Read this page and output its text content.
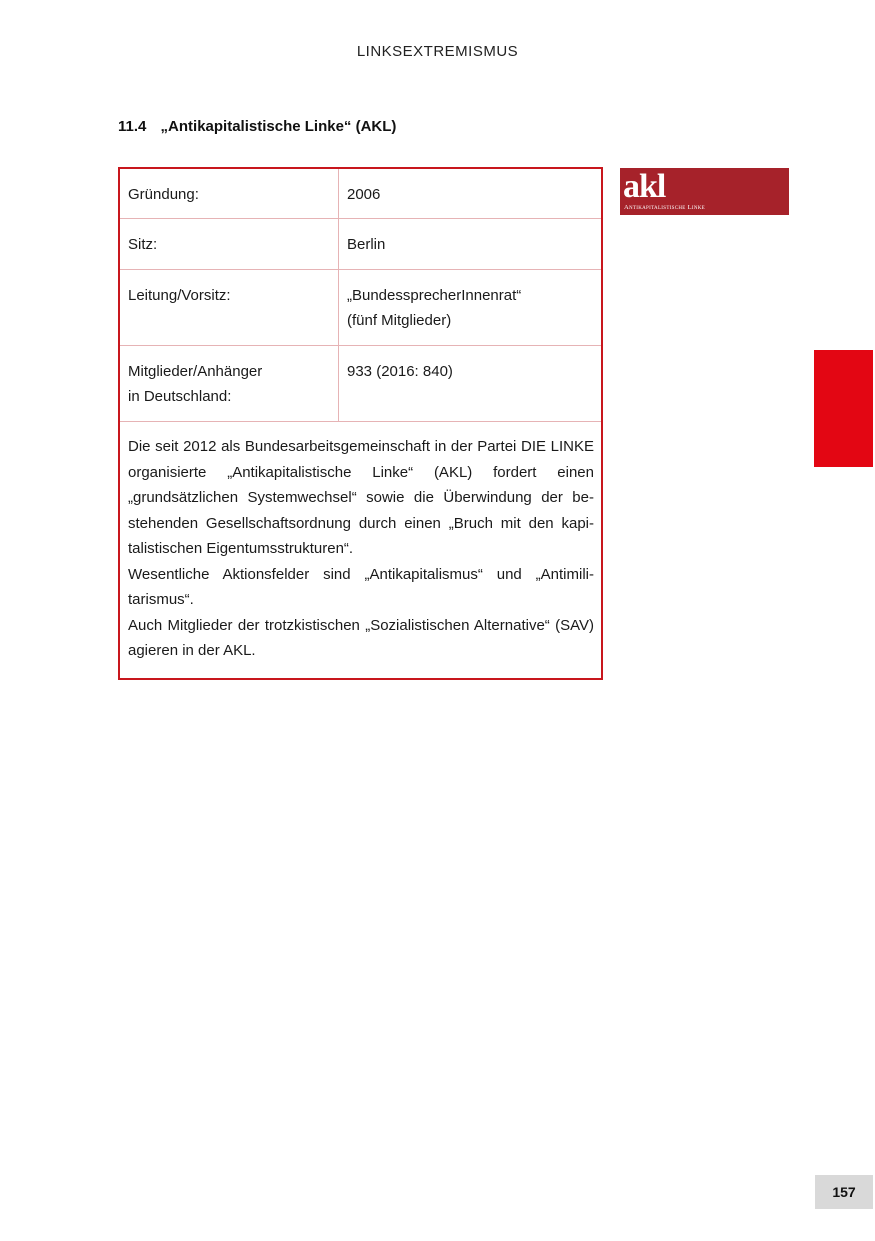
LINKSEXTREMISMUS
11.4 „Antikapitalistische Linke“ (AKL)
Gründung:	2006
Sitz:	Berlin
Leitung/Vorsitz:	„BundessprecherInnenrat“
(fünf Mitglieder)
Mitglieder/Anhänger
in Deutschland:
933 (2016: 840)

Die seit 2012 als Bundesarbeitsgemeinschaft in der Partei DIE LINKE organisierte „Antikapitalistische Linke“ (AKL) fordert einen „grundsätzlichen Systemwechsel“ sowie die Überwindung der bestehenden Gesellschaftsordnung durch einen „Bruch mit den kapitalistischen Eigentumsstrukturen“.

Wesentliche Aktionsfelder sind „Antikapitalismus“ und „Antimilitarismus“.

Auch Mitglieder der trotzkistischen „Sozialistischen Alternative“ (SAV) agieren in der AKL.

akl
Antikapitalistische Linke
157
